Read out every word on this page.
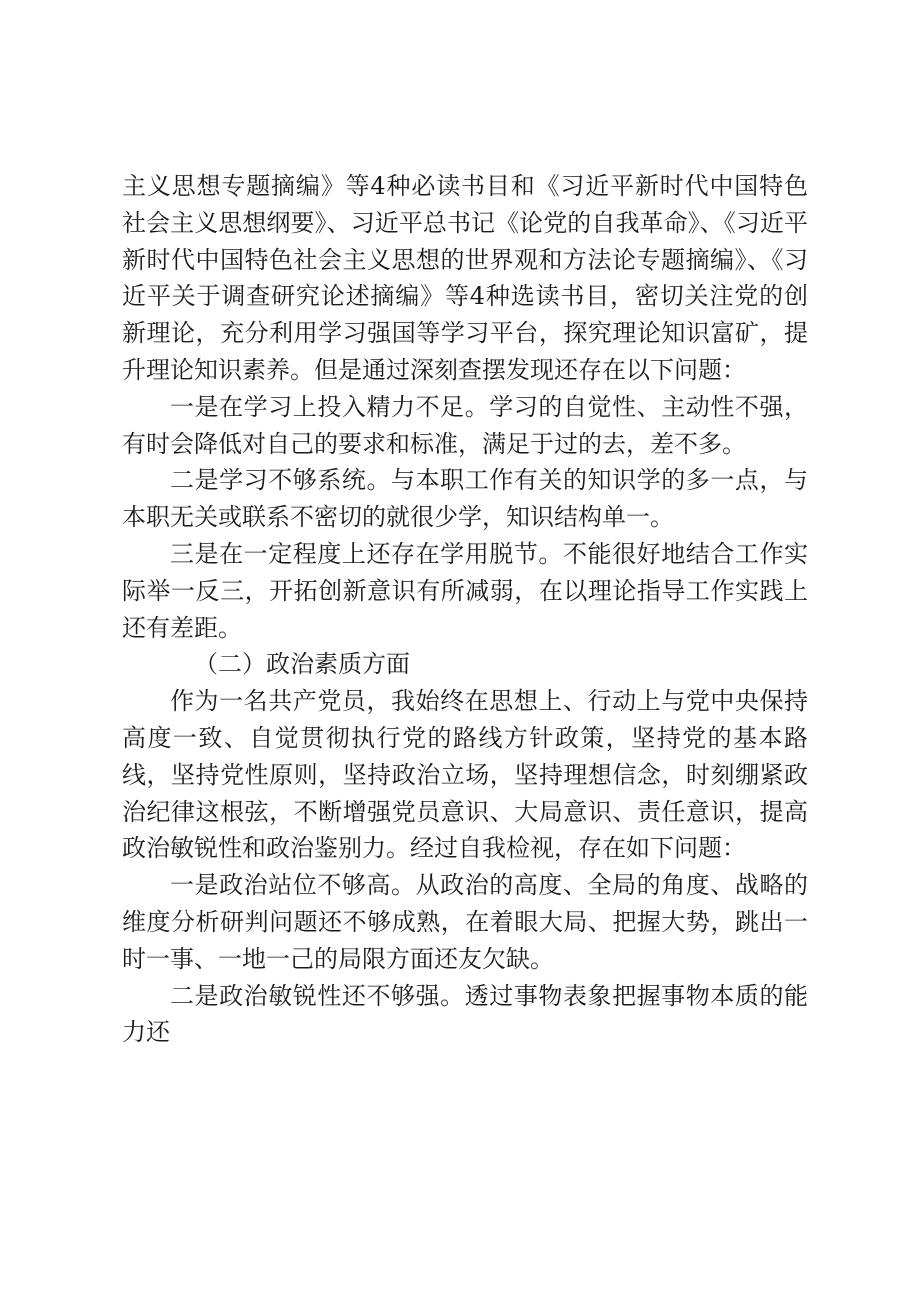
主义思想专题摘编》等4种必读书目和《习近平新时代中国特色社会主义思想纲要》、习近平总书记《论党的自我革命》、《习近平新时代中国特色社会主义思想的世界观和方法论专题摘编》、《习近平关于调查研究论述摘编》等4种选读书目，密切关注党的创新理论，充分利用学习强国等学习平台，探究理论知识富矿，提升理论知识素养。但是通过深刻查摆发现还存在以下问题：

一是在学习上投入精力不足。学习的自觉性、主动性不强，有时会降低对自己的要求和标准，满足于过的去，差不多。

二是学习不够系统。与本职工作有关的知识学的多一点，与本职无关或联系不密切的就很少学，知识结构单一。

三是在一定程度上还存在学用脱节。不能很好地结合工作实际举一反三，开拓创新意识有所减弱，在以理论指导工作实践上还有差距。

（二）政治素质方面

作为一名共产党员，我始终在思想上、行动上与党中央保持高度一致、自觉贯彻执行党的路线方针政策，坚持党的基本路线，坚持党性原则，坚持政治立场，坚持理想信念，时刻绷紧政治纪律这根弦，不断增强党员意识、大局意识、责任意识，提高政治敏锐性和政治鉴别力。经过自我检视，存在如下问题：

一是政治站位不够高。从政治的高度、全局的角度、战略的维度分析研判问题还不够成熟，在着眼大局、把握大势，跳出一时一事、一地一己的局限方面还友欠缺。

二是政治敏锐性还不够强。透过事物表象把握事物本质的能力还
